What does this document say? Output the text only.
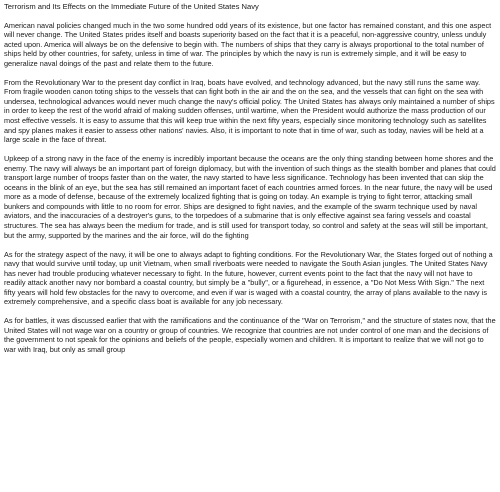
Terrorism and Its Effects on the Immediate Future of the United States Navy

American naval policies changed much in the two some hundred odd years of its existence, but one factor has remained constant, and this one aspect will never change. The United States prides itself and boasts superiority based on the fact that it is a peaceful, non-aggressive country, unless unduly acted upon. America will always be on the defensive to begin with. The numbers of ships that they carry is always proportional to the total number of ships held by other countries, for safety, unless in time of war. The principles by which the navy is run is extremely simple, and it will be easy to generalize naval doings of the past and relate them to the future.

From the Revolutionary War to the present day conflict in Iraq, boats have evolved, and technology advanced, but the navy still runs the same way. From fragile wooden canon toting ships to the vessels that can fight both in the air and the on the sea, and the vessels that can fight on the sea with undersea, technological advances would never much change the navy's official policy. The United States has always only maintained a number of ships in order to keep the rest of the world afraid of making sudden offenses, until wartime, when the President would authorize the mass production of our most effective vessels. It is easy to assume that this will keep true within the next fifty years, especially since monitoring technology such as satellites and spy planes makes it easier to assess other nations' navies. Also, it is important to note that in time of war, such as today, navies will be held at a large scale in the face of threat.

Upkeep of a strong navy in the face of the enemy is incredibly important because the oceans are the only thing standing between home shores and the enemy. The navy will always be an important part of foreign diplomacy, but with the invention of such things as the stealth bomber and planes that could transport large number of troops faster than on the water, the navy started to have less significance. Technology has been invented that can skip the oceans in the blink of an eye, but the sea has still remained an important facet of each countries armed forces. In the near future, the navy will be used more as a mode of defense, because of the extremely localized fighting that is going on today. An example is trying to fight terror, attacking small bunkers and compounds with little to no room for error. Ships are designed to fight navies, and the example of the swarm technique used by naval aviators, and the inaccuracies of a destroyer's guns, to the torpedoes of a submarine that is only effective against sea faring vessels and coastal structures. The sea has always been the medium for trade, and is still used for transport today, so control and safety at the seas will still be important, but the army, supported by the marines and the air force, will do the fighting

As for the strategy aspect of the navy, it will be one to always adapt to fighting conditions. For the Revolutionary War, the States forged out of nothing a navy that would survive until today, up unit Vietnam, when small riverboats were needed to navigate the South Asian jungles. The United States Navy has never had trouble producing whatever necessary to fight. In the future, however, current events point to the fact that the navy will not have to readily attack another navy nor bombard a coastal country, but simply be a "bully", or a figurehead, in essence, a "Do Not Mess With Sign." The next fifty years will hold few obstacles for the navy to overcome, and even if war is waged with a coastal country, the array of plans available to the navy is extremely comprehensive, and a specific class boat is available for any job necessary.

As for battles, it was discussed earlier that with the ramifications and the continuance of the "War on Terrorism," and the structure of states now, that the United States will not wage war on a country or group of countries. We recognize that countries are not under control of one man and the decisions of the government to not speak for the opinions and beliefs of the people, especially women and children. It is important to realize that we will not go to war with Iraq, but only as small group
